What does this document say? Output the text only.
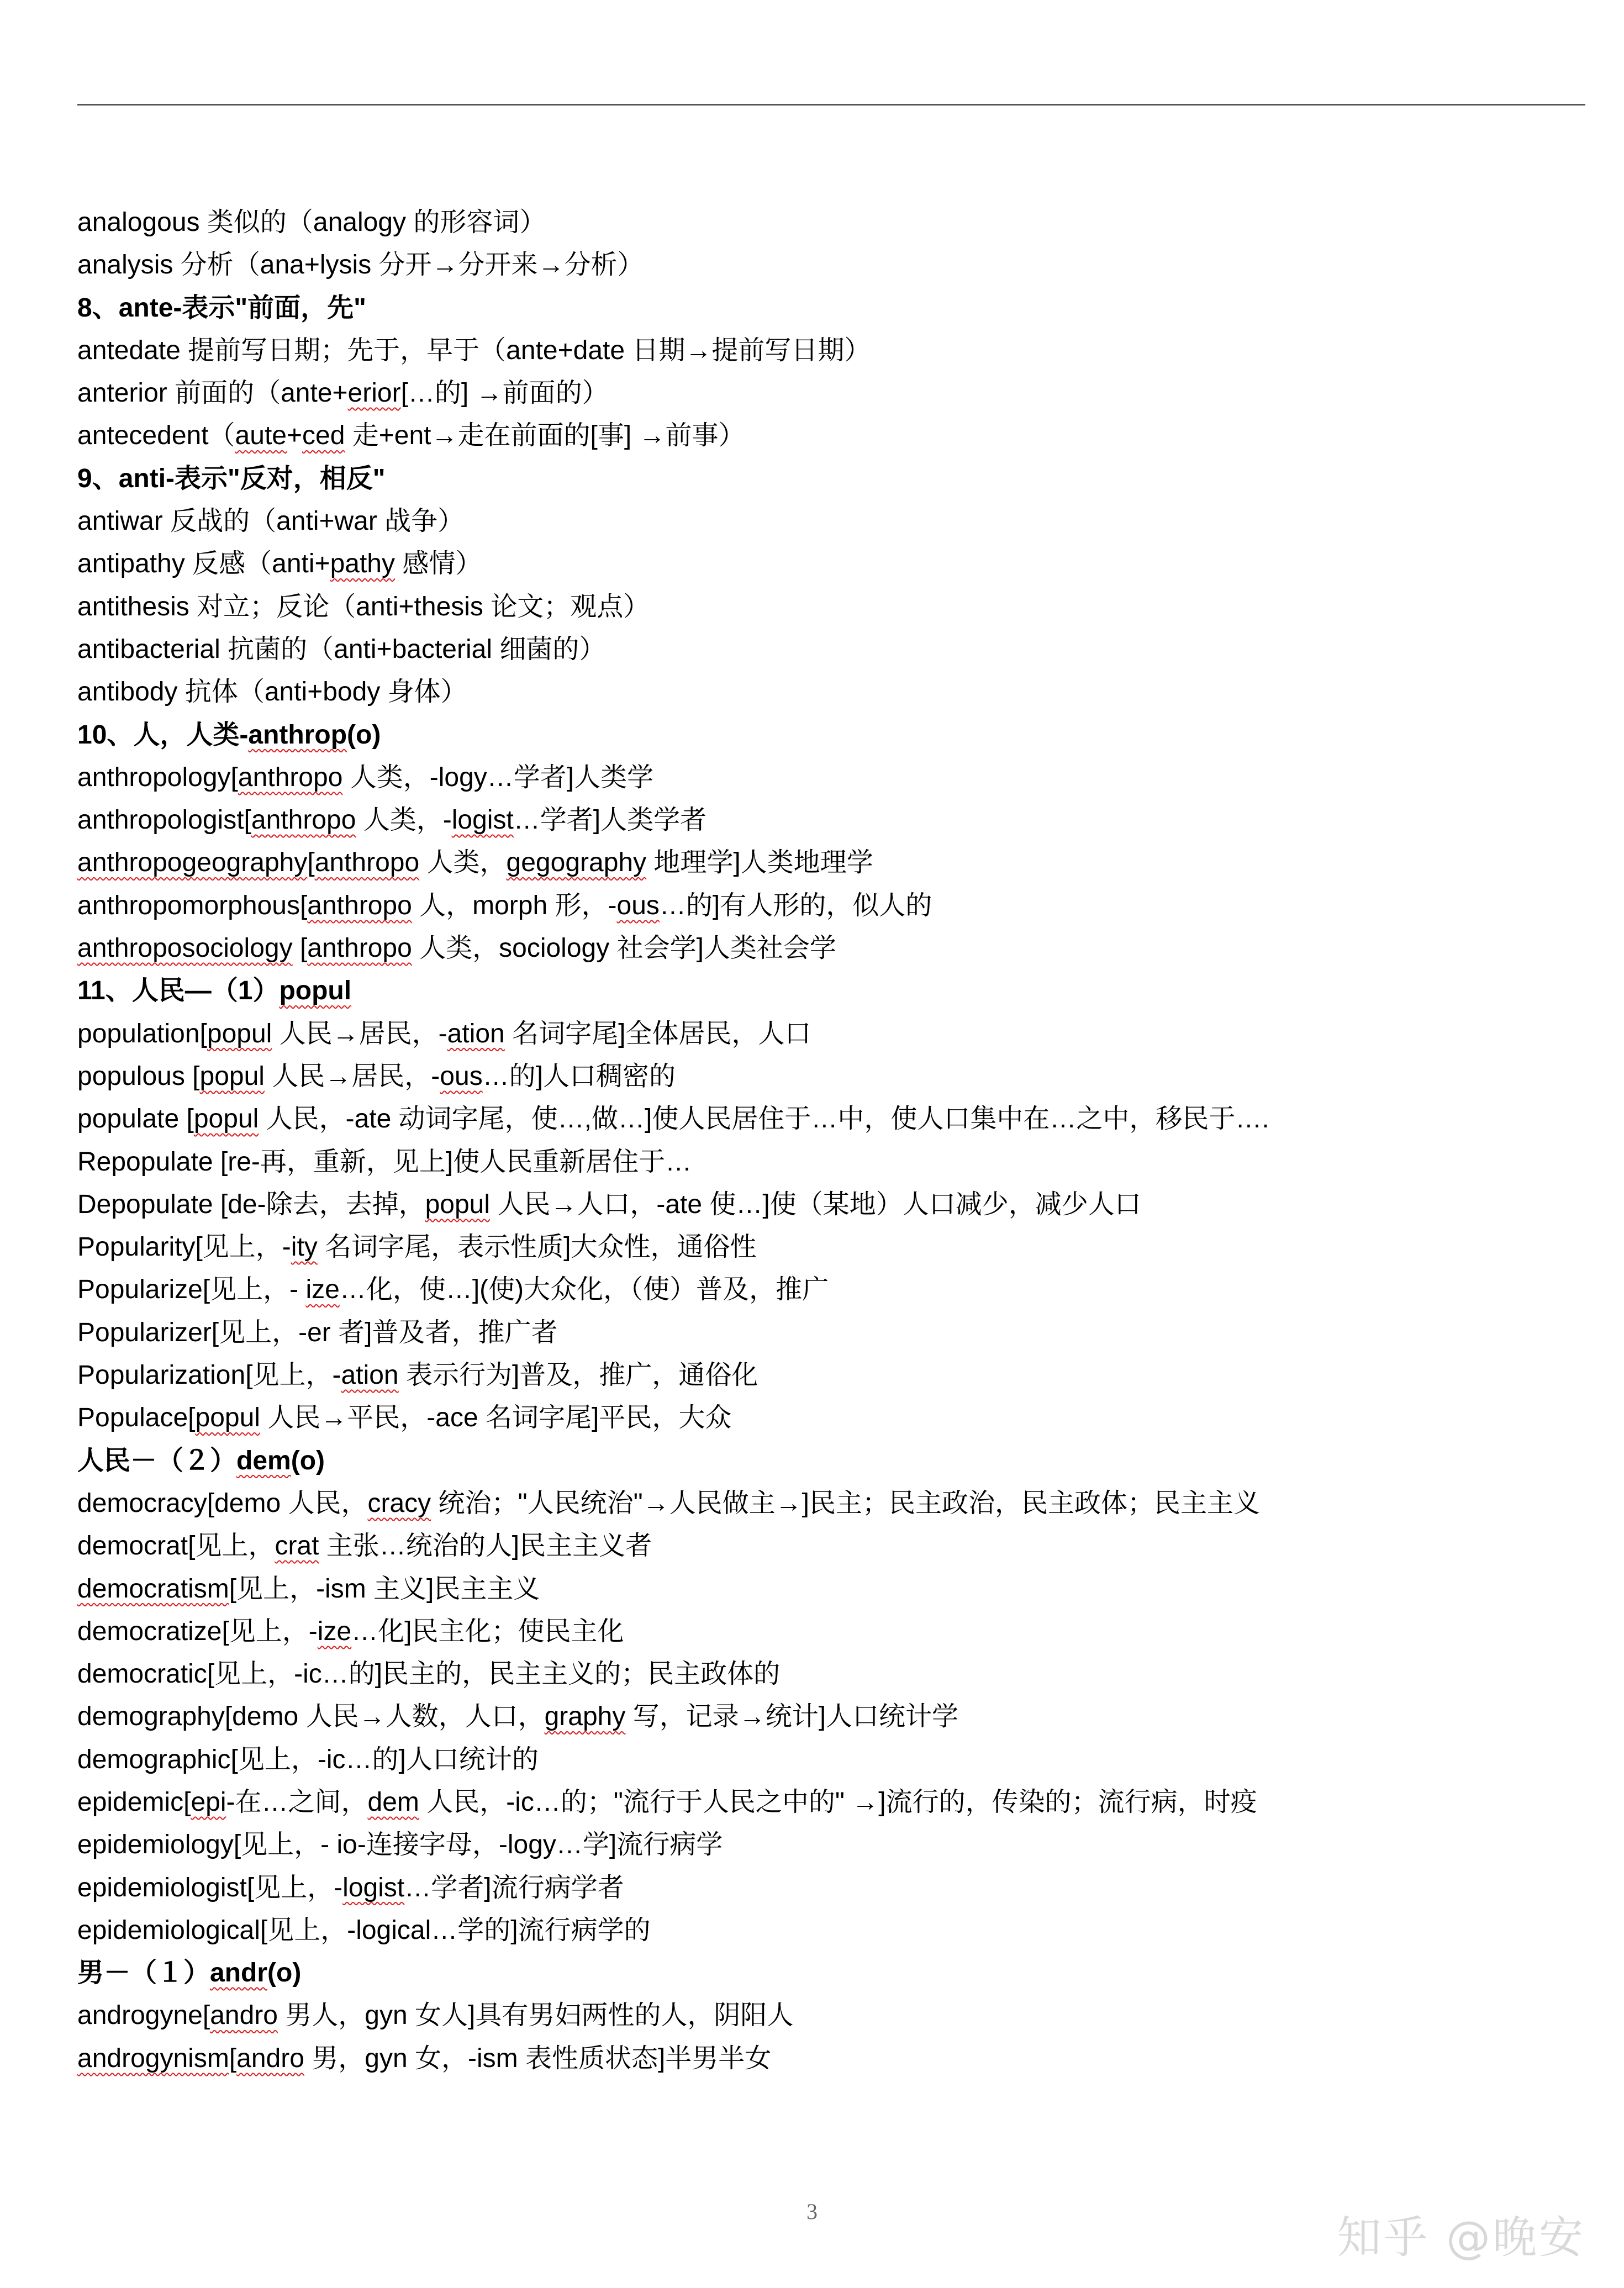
analogous 类似的（analogy 的形容词）
analysis 分析（ana+lysis 分开→分开来→分析）
8、ante-表示"前面，先"
antedate 提前写日期；先于，早于（ante+date 日期→提前写日期）
anterior 前面的（ante+erior[…的] →前面的）
antecedent（aute+ced 走+ent→走在前面的[事] →前事）
9、anti-表示"反对，相反"
antiwar 反战的（anti+war 战争）
antipathy 反感（anti+pathy 感情）
antithesis 对立；反论（anti+thesis 论文；观点）
antibacterial 抗菌的（anti+bacterial 细菌的）
antibody 抗体（anti+body 身体）
10、人，人类-anthrop(o)
anthropology[anthropo 人类，-logy…学者]人类学
anthropologist[anthropo 人类，-logist…学者]人类学者
anthropogeography[anthropo 人类，gegography 地理学]人类地理学
anthropomorphous[anthropo 人，morph 形，-ous…的]有人形的，似人的
anthroposociology [anthropo 人类，sociology 社会学]人类社会学
11、人民—（1）popul
population[popul 人民→居民，-ation 名词字尾]全体居民，人口
populous [popul 人民→居民，-ous…的]人口稠密的
populate [popul 人民，-ate 动词字尾，使…,做…]使人民居住于…中，使人口集中在…之中，移民于….
Repopulate [re-再，重新，见上]使人民重新居住于…
Depopulate [de-除去，去掉，popul 人民→人口，-ate 使…]使（某地）人口减少，减少人口
Popularity[见上，-ity 名词字尾，表示性质]大众性，通俗性
Popularize[见上，- ize…化，使…](使)大众化，（使）普及，推广
Popularizer[见上，-er 者]普及者，推广者
Popularization[见上，-ation 表示行为]普及，推广，通俗化
Populace[popul 人民→平民，-ace 名词字尾]平民，大众
人民－（２）dem(o)
democracy[demo 人民，cracy 统治；"人民统治"→人民做主→]民主；民主政治，民主政体；民主主义
democrat[见上，crat 主张…统治的人]民主主义者
democratism[见上，-ism 主义]民主主义
democratize[见上，-ize…化]民主化；使民主化
democratic[见上，-ic…的]民主的，民主主义的；民主政体的
demography[demo 人民→人数，人口，graphy 写，记录→统计]人口统计学
demographic[见上，-ic…的]人口统计的
epidemic[epi-在…之间，dem 人民，-ic…的；"流行于人民之中的" →]流行的，传染的；流行病，时疫
epidemiology[见上，- io-连接字母，-logy…学]流行病学
epidemiologist[见上，-logist…学者]流行病学者
epidemiological[见上，-logical…学的]流行病学的
男－（１）andr(o)
androgyne[andro 男人，gyn 女人]具有男妇两性的人，阴阳人
androgynism[andro 男，gyn 女，-ism 表性质状态]半男半女
3
知乎 @晚安
